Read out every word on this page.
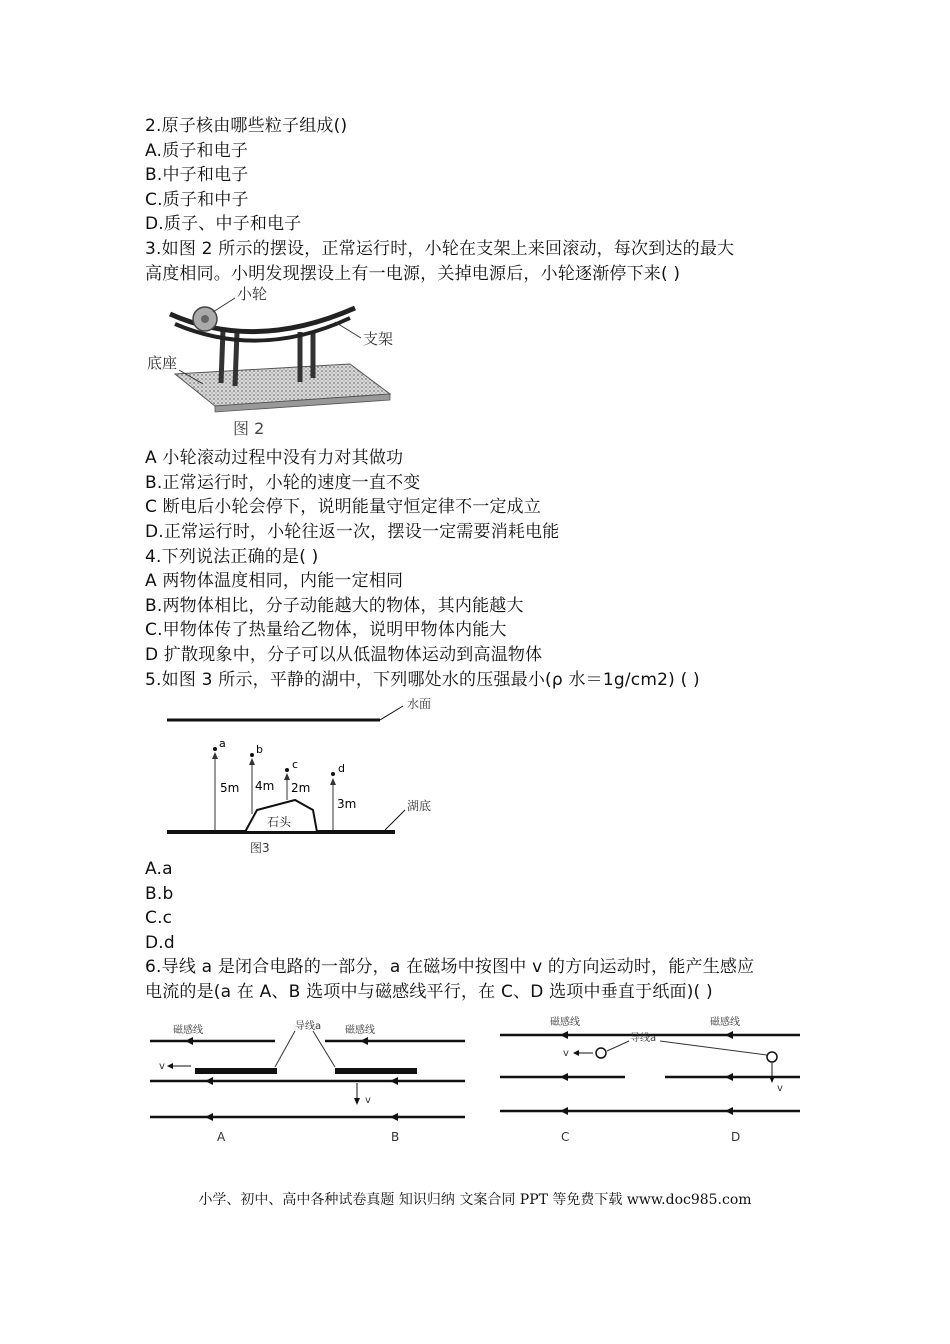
2.原子核由哪些粒子组成()
A.质子和电子
B.中子和电子
C.质子和中子
D.质子、中子和电子
3.如图 2 所示的摆设，正常运行时，小轮在支架上来回滚动，每次到达的最大
高度相同。小明发现摆设上有一电源，关掉电源后，小轮逐渐停下来( )
小轮
支架
底座
图 2
A 小轮滚动过程中没有力对其做功
B.正常运行时，小轮的速度一直不变
C 断电后小轮会停下，说明能量守恒定律不一定成立
D.正常运行时，小轮往返一次，摆设一定需要消耗电能
4.下列说法正确的是( )
A 两物体温度相同，内能一定相同
B.两物体相比，分子动能越大的物体，其内能越大
C.甲物体传了热量给乙物体，说明甲物体内能大
D 扩散现象中，分子可以从低温物体运动到高温物体
5.如图 3 所示，平静的湖中，下列哪处水的压强最小(ρ 水＝1g/cm2) ( )
水面
湖底
石头
a
5m
b
4m
c
2m
d
3m
图3
A.a
B.b
C.c
D.d
6.导线 a 是闭合电路的一部分，a 在磁场中按图中 v 的方向运动时，能产生感应
电流的是(a 在 A、B 选项中与磁感线平行，在 C、D 选项中垂直于纸面)( )
磁感线	磁感线
导线a
v
v
磁感线	磁感线
导线a
v
v
A	B	C	D
小学、初中、高中各种试卷真题 知识归纳 文案合同 PPT 等免费下载 www.doc985.com
